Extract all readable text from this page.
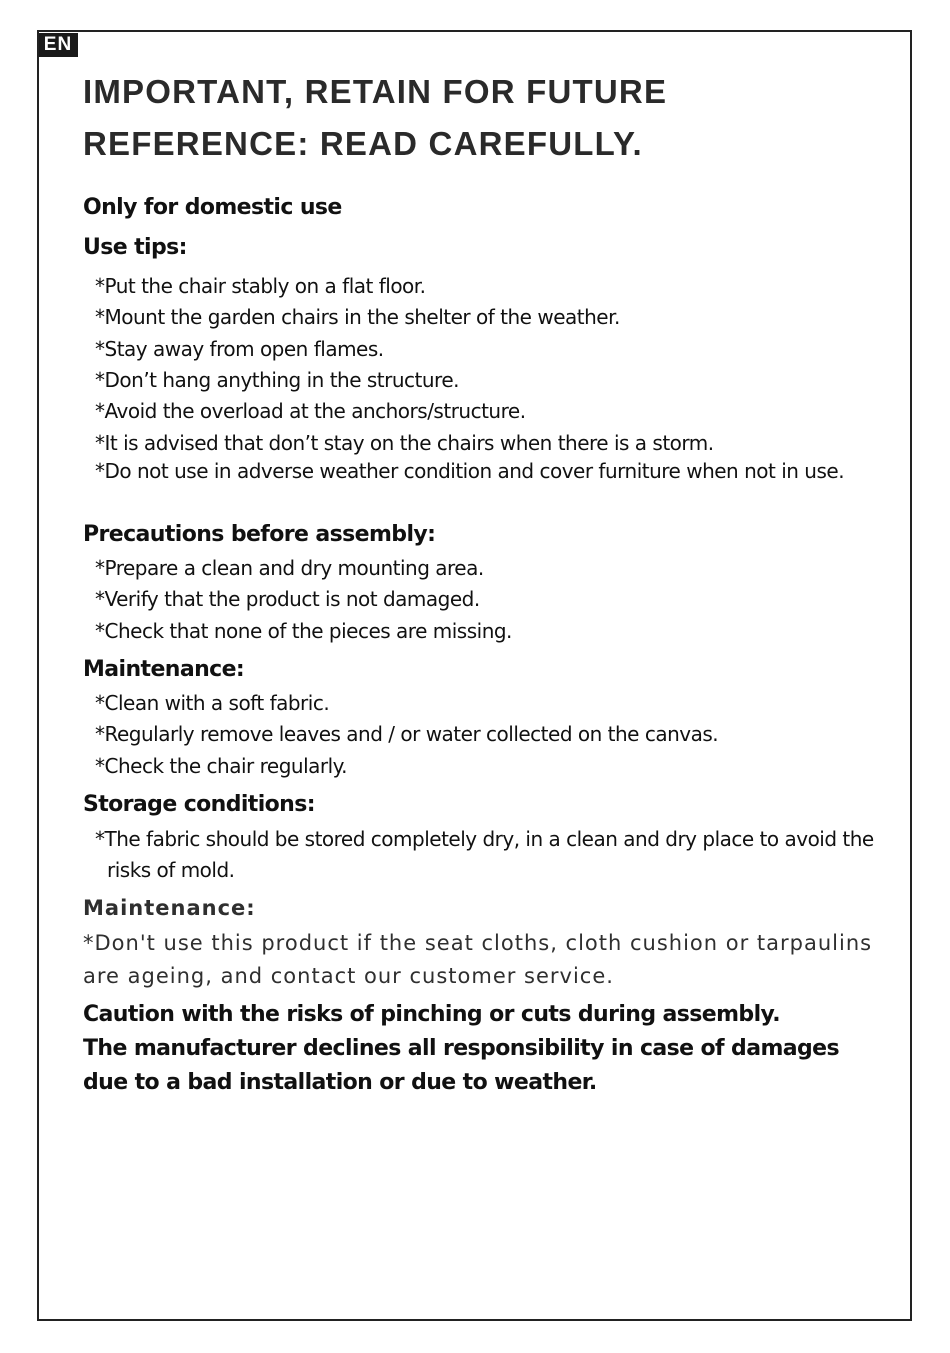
EN
IMPORTANT, RETAIN FOR FUTURE
REFERENCE: READ CAREFULLY.

Only for domestic use

Use tips:

*Put the chair stably on a flat floor.

*Mount the garden chairs in the shelter of the weather.

*Stay away from open flames.

*Don’t hang anything in the structure.

*Avoid the overload at the anchors/structure.

*It is advised that don’t stay on the chairs when there is a storm.

*Do not use in adverse weather condition and cover furniture when not in use.

Precautions before assembly:

*Prepare a clean and dry mounting area.

*Verify that the product is not damaged.

*Check that none of the pieces are missing.

Maintenance:

*Clean with a soft fabric.

*Regularly remove leaves and / or water collected on the canvas.

*Check the chair regularly.

Storage conditions:

*The fabric should be stored completely dry, in a clean and dry place to avoid the risks of mold.

Maintenance:

*Don't use this product if the seat cloths, cloth cushion or tarpaulins are ageing, and contact our customer service.

Caution with the risks of pinching or cuts during assembly.

The manufacturer declines all responsibility in case of damages due to a bad installation or due to weather.
